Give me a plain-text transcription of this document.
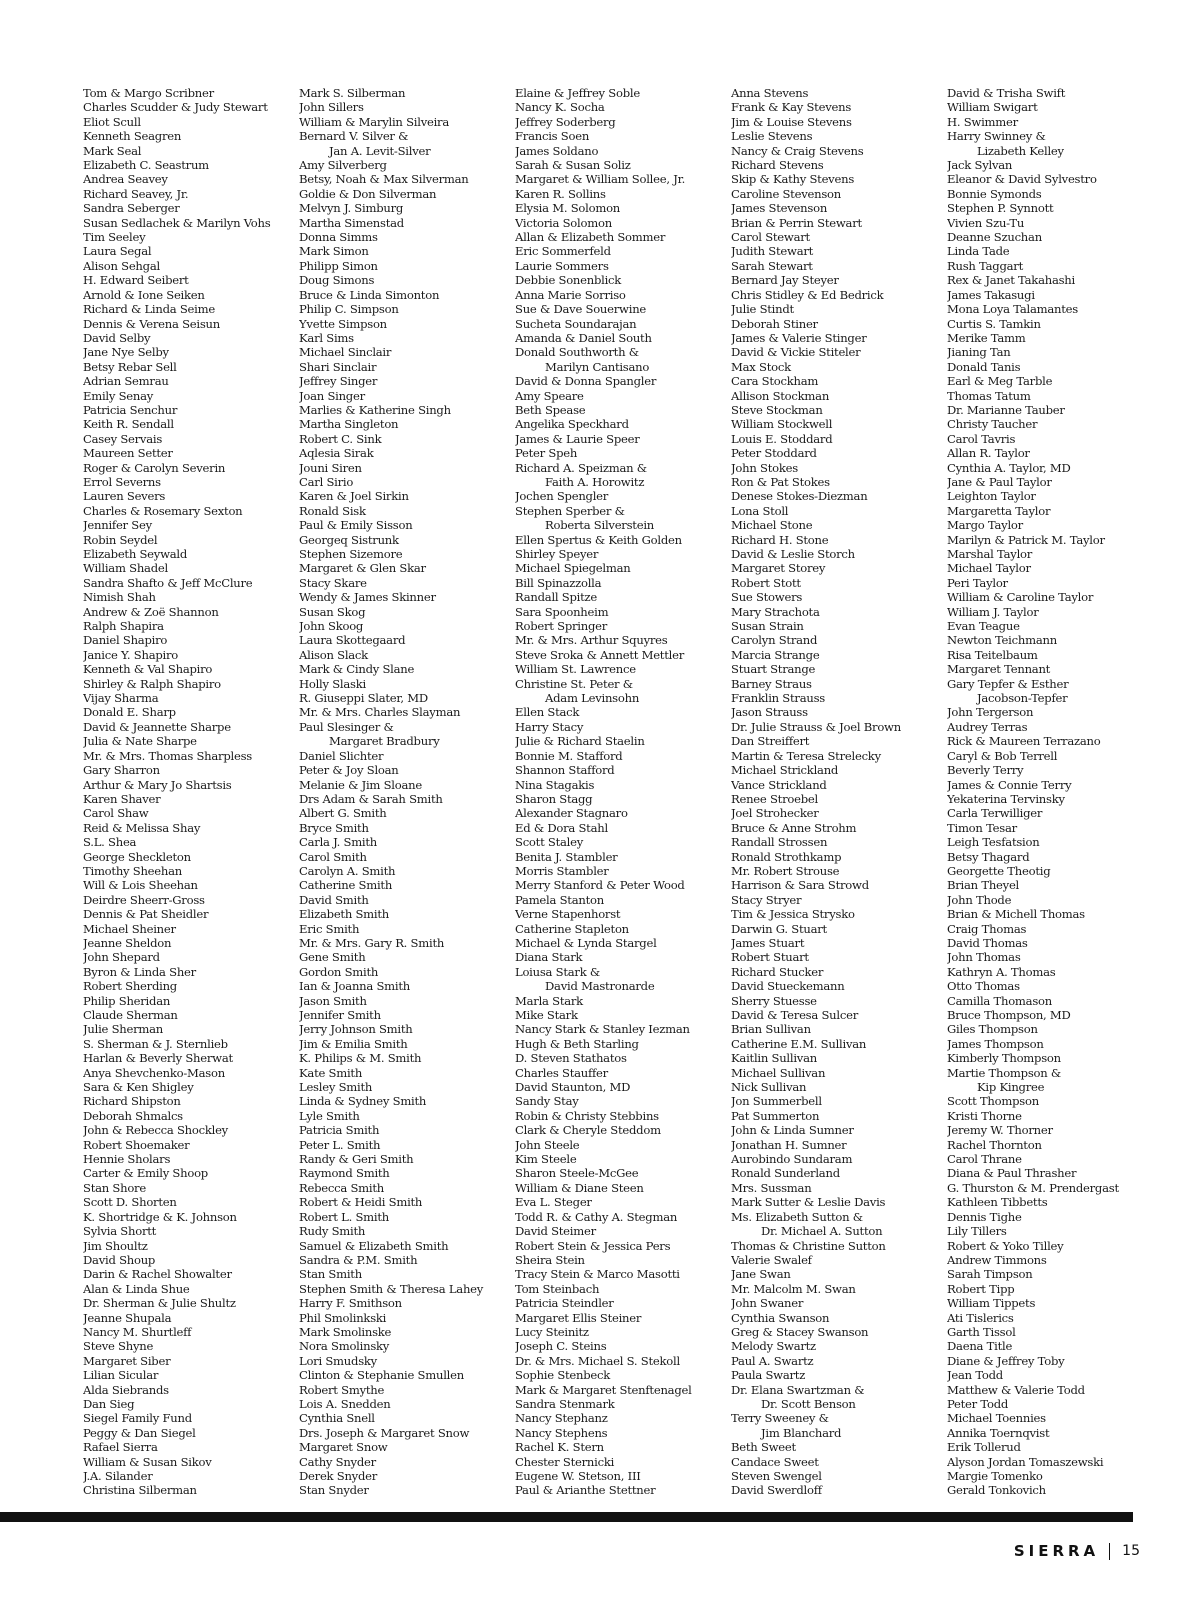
Tom & Margo Scribner
Charles Scudder & Judy Stewart
Eliot Scull
Kenneth Seagren
Mark Seal
Elizabeth C. Seastrum
Andrea Seavey
Richard Seavey, Jr.
Sandra Seberger
Susan Sedlachek & Marilyn Vohs
Tim Seeley
Laura Segal
Alison Sehgal
H. Edward Seibert
Arnold & Ione Seiken
Richard & Linda Seime
Dennis & Verena Seisun
David Selby
Jane Nye Selby
Betsy Rebar Sell
Adrian Semrau
Emily Senay
Patricia Senchur
Keith R. Sendall
Casey Servais
Maureen Setter
Roger & Carolyn Severin
Errol Severns
Lauren Severs
Charles & Rosemary Sexton
Jennifer Sey
Robin Seydel
Elizabeth Seywald
William Shadel
Sandra Shafto & Jeff McClure
Nimish Shah
Andrew & Zoë Shannon
Ralph Shapira
Daniel Shapiro
Janice Y. Shapiro
Kenneth & Val Shapiro
Shirley & Ralph Shapiro
Vijay Sharma
Donald E. Sharp
David & Jeannette Sharpe
Julia & Nate Sharpe
Mr. & Mrs. Thomas Sharpless
Gary Sharron
Arthur & Mary Jo Shartsis
Karen Shaver
Carol Shaw
Reid & Melissa Shay
S.L. Shea
George Sheckleton
Timothy Sheehan
Will & Lois Sheehan
Deirdre Sheerr-Gross
Dennis & Pat Sheidler
Michael Sheiner
Jeanne Sheldon
John Shepard
Byron & Linda Sher
Robert Sherding
Philip Sheridan
Claude Sherman
Julie Sherman
S. Sherman & J. Sternlieb
Harlan & Beverly Sherwat
Anya Shevchenko-Mason
Sara & Ken Shigley
Richard Shipston
Deborah Shmalcs
John & Rebecca Shockley
Robert Shoemaker
Hennie Sholars
Carter & Emily Shoop
Stan Shore
Scott D. Shorten
K. Shortridge & K. Johnson
Sylvia Shortt
Jim Shoultz
David Shoup
Darin & Rachel Showalter
Alan & Linda Shue
Dr. Sherman & Julie Shultz
Jeanne Shupala
Nancy M. Shurtleff
Steve Shyne
Margaret Siber
Lilian Sicular
Alda Siebrands
Dan Sieg
Siegel Family Fund
Peggy & Dan Siegel
Rafael Sierra
William & Susan Sikov
J.A. Silander
Christina Silberman
Mark S. Silberman
John Sillers
William & Marylin Silveira
Bernard V. Silver &
Jan A. Levit-Silver
Amy Silverberg
Betsy, Noah & Max Silverman
Goldie & Don Silverman
Melvyn J. Simburg
Martha Simenstad
Donna Simms
Mark Simon
Philipp Simon
Doug Simons
Bruce & Linda Simonton
Philip C. Simpson
Yvette Simpson
Karl Sims
Michael Sinclair
Shari Sinclair
Jeffrey Singer
Joan Singer
Marlies & Katherine Singh
Martha Singleton
Robert C. Sink
Aqlesia Sirak
Jouni Siren
Carl Sirio
Karen & Joel Sirkin
Ronald Sisk
Paul & Emily Sisson
Georgeq Sistrunk
Stephen Sizemore
Margaret & Glen Skar
Stacy Skare
Wendy & James Skinner
Susan Skog
John Skoog
Laura Skottegaard
Alison Slack
Mark & Cindy Slane
Holly Slaski
R. Giuseppi Slater, MD
Mr. & Mrs. Charles Slayman
Paul Slesinger &
Margaret Bradbury
Daniel Slichter
Peter & Joy Sloan
Melanie & Jim Sloane
Drs Adam & Sarah Smith
Albert G. Smith
Bryce Smith
Carla J. Smith
Carol Smith
Carolyn A. Smith
Catherine Smith
David Smith
Elizabeth Smith
Eric Smith
Mr. & Mrs. Gary R. Smith
Gene Smith
Gordon Smith
Ian & Joanna Smith
Jason Smith
Jennifer Smith
Jerry Johnson Smith
Jim & Emilia Smith
K. Philips & M. Smith
Kate Smith
Lesley Smith
Linda & Sydney Smith
Lyle Smith
Patricia Smith
Peter L. Smith
Randy & Geri Smith
Raymond Smith
Rebecca Smith
Robert & Heidi Smith
Robert L. Smith
Rudy Smith
Samuel & Elizabeth Smith
Sandra & P.M. Smith
Stan Smith
Stephen Smith & Theresa Lahey
Harry F. Smithson
Phil Smolinkski
Mark Smolinske
Nora Smolinsky
Lori Smudsky
Clinton & Stephanie Smullen
Robert Smythe
Lois A. Snedden
Cynthia Snell
Drs. Joseph & Margaret Snow
Margaret Snow
Cathy Snyder
Derek Snyder
Stan Snyder
Elaine & Jeffrey Soble
Nancy K. Socha
Jeffrey Soderberg
Francis Soen
James Soldano
Sarah & Susan Soliz
Margaret & William Sollee, Jr.
Karen R. Sollins
Elysia M. Solomon
Victoria Solomon
Allan & Elizabeth Sommer
Eric Sommerfeld
Laurie Sommers
Debbie Sonenblick
Anna Marie Sorriso
Sue & Dave Souerwine
Sucheta Soundarajan
Amanda & Daniel South
Donald Southworth &
Marilyn Cantisano
David & Donna Spangler
Amy Speare
Beth Spease
Angelika Speckhard
James & Laurie Speer
Peter Speh
Richard A. Speizman &
Faith A. Horowitz
Jochen Spengler
Stephen Sperber &
Roberta Silverstein
Ellen Spertus & Keith Golden
Shirley Speyer
Michael Spiegelman
Bill Spinazzolla
Randall Spitze
Sara Spoonheim
Robert Springer
Mr. & Mrs. Arthur Squyres
Steve Sroka & Annett Mettler
William St. Lawrence
Christine St. Peter &
Adam Levinsohn
Ellen Stack
Harry Stacy
Julie & Richard Staelin
Bonnie M. Stafford
Shannon Stafford
Nina Stagakis
Sharon Stagg
Alexander Stagnaro
Ed & Dora Stahl
Scott Staley
Benita J. Stambler
Morris Stambler
Merry Stanford & Peter Wood
Pamela Stanton
Verne Stapenhorst
Catherine Stapleton
Michael & Lynda Stargel
Diana Stark
Loiusa Stark &
David Mastronarde
Marla Stark
Mike Stark
Nancy Stark & Stanley Iezman
Hugh & Beth Starling
D. Steven Stathatos
Charles Stauffer
David Staunton, MD
Sandy Stay
Robin & Christy Stebbins
Clark & Cheryle Steddom
John Steele
Kim Steele
Sharon Steele-McGee
William & Diane Steen
Eva L. Steger
Todd R. & Cathy A. Stegman
David Steimer
Robert Stein & Jessica Pers
Sheira Stein
Tracy Stein & Marco Masotti
Tom Steinbach
Patricia Steindler
Margaret Ellis Steiner
Lucy Steinitz
Joseph C. Steins
Dr. & Mrs. Michael S. Stekoll
Sophie Stenbeck
Mark & Margaret Stenftenagel
Sandra Stenmark
Nancy Stephanz
Nancy Stephens
Rachel K. Stern
Chester Sternicki
Eugene W. Stetson, III
Paul & Arianthe Stettner
Anna Stevens
Frank & Kay Stevens
Jim & Louise Stevens
Leslie Stevens
Nancy & Craig Stevens
Richard Stevens
Skip & Kathy Stevens
Caroline Stevenson
James Stevenson
Brian & Perrin Stewart
Carol Stewart
Judith Stewart
Sarah Stewart
Bernard Jay Steyer
Chris Stidley & Ed Bedrick
Julie Stindt
Deborah Stiner
James & Valerie Stinger
David & Vickie Stiteler
Max Stock
Cara Stockham
Allison Stockman
Steve Stockman
William Stockwell
Louis E. Stoddard
Peter Stoddard
John Stokes
Ron & Pat Stokes
Denese Stokes-Diezman
Lona Stoll
Michael Stone
Richard H. Stone
David & Leslie Storch
Margaret Storey
Robert Stott
Sue Stowers
Mary Strachota
Susan Strain
Carolyn Strand
Marcia Strange
Stuart Strange
Barney Straus
Franklin Strauss
Jason Strauss
Dr. Julie Strauss & Joel Brown
Dan Streiffert
Martin & Teresa Strelecky
Michael Strickland
Vance Strickland
Renee Stroebel
Joel Strohecker
Bruce & Anne Strohm
Randall Strossen
Ronald Strothkamp
Mr. Robert Strouse
Harrison & Sara Strowd
Stacy Stryer
Tim & Jessica Strysko
Darwin G. Stuart
James Stuart
Robert Stuart
Richard Stucker
David Stueckemann
Sherry Stuesse
David & Teresa Sulcer
Brian Sullivan
Catherine E.M. Sullivan
Kaitlin Sullivan
Michael Sullivan
Nick Sullivan
Jon Summerbell
Pat Summerton
John & Linda Sumner
Jonathan H. Sumner
Aurobindo Sundaram
Ronald Sunderland
Mrs. Sussman
Mark Sutter & Leslie Davis
Ms. Elizabeth Sutton &
Dr. Michael A. Sutton
Thomas & Christine Sutton
Valerie Swalef
Jane Swan
Mr. Malcolm M. Swan
John Swaner
Cynthia Swanson
Greg & Stacey Swanson
Melody Swartz
Paul A. Swartz
Paula Swartz
Dr. Elana Swartzman &
Dr. Scott Benson
Terry Sweeney &
Jim Blanchard
Beth Sweet
Candace Sweet
Steven Swengel
David Swerdloff
David & Trisha Swift
William Swigart
H. Swimmer
Harry Swinney &
Lizabeth Kelley
Jack Sylvan
Eleanor & David Sylvestro
Bonnie Symonds
Stephen P. Synnott
Vivien Szu-Tu
Deanne Szuchan
Linda Tade
Rush Taggart
Rex & Janet Takahashi
James Takasugi
Mona Loya Talamantes
Curtis S. Tamkin
Merike Tamm
Jianing Tan
Donald Tanis
Earl & Meg Tarble
Thomas Tatum
Dr. Marianne Tauber
Christy Taucher
Carol Tavris
Allan R. Taylor
Cynthia A. Taylor, MD
Jane & Paul Taylor
Leighton Taylor
Margaretta Taylor
Margo Taylor
Marilyn & Patrick M. Taylor
Marshal Taylor
Michael Taylor
Peri Taylor
William & Caroline Taylor
William J. Taylor
Evan Teague
Newton Teichmann
Risa Teitelbaum
Margaret Tennant
Gary Tepfer & Esther
Jacobson-Tepfer
John Tergerson
Audrey Terras
Rick & Maureen Terrazano
Caryl & Bob Terrell
Beverly Terry
James & Connie Terry
Yekaterina Tervinsky
Carla Terwilliger
Timon Tesar
Leigh Tesfatsion
Betsy Thagard
Georgette Theotig
Brian Theyel
John Thode
Brian & Michell Thomas
Craig Thomas
David Thomas
John Thomas
Kathryn A. Thomas
Otto Thomas
Camilla Thomason
Bruce Thompson, MD
Giles Thompson
James Thompson
Kimberly Thompson
Martie Thompson &
Kip Kingree
Scott Thompson
Kristi Thorne
Jeremy W. Thorner
Rachel Thornton
Carol Thrane
Diana & Paul Thrasher
G. Thurston & M. Prendergast
Kathleen Tibbetts
Dennis Tighe
Lily Tillers
Robert & Yoko Tilley
Andrew Timmons
Sarah Timpson
Robert Tipp
William Tippets
Ati Tislerics
Garth Tissol
Daena Title
Diane & Jeffrey Toby
Jean Todd
Matthew & Valerie Todd
Peter Todd
Michael Toennies
Annika Toernqvist
Erik Tollerud
Alyson Jordan Tomaszewski
Margie Tomenko
Gerald Tonkovich
SIERRA 15
